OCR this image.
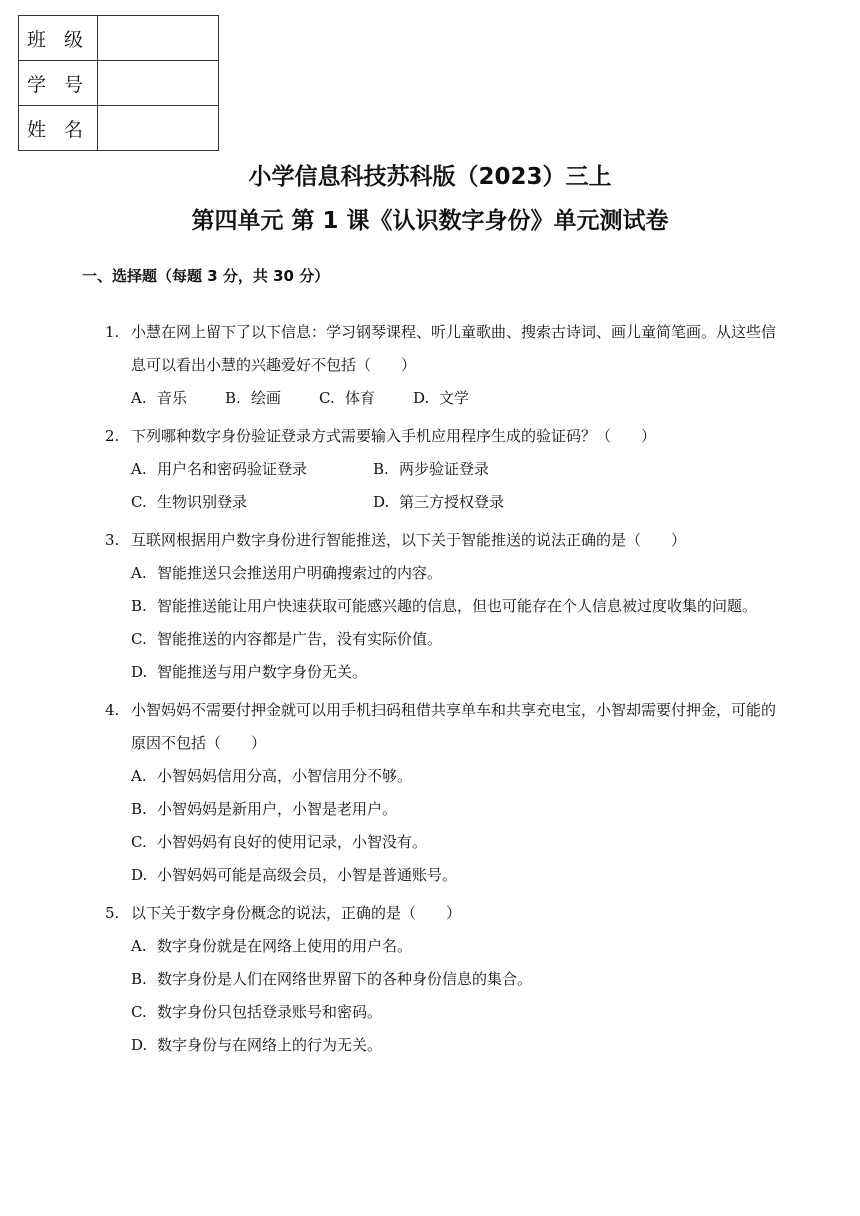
班 级	
学 号	
姓 名	
小学信息科技苏科版（2023）三上
第四单元 第 1 课《认识数字身份》单元测试卷
一、选择题（每题 3 分，共 30 分）
1. 小慧在网上留下了以下信息：学习钢琴课程、听儿童歌曲、搜索古诗词、画儿童简笔画。从这些信息可以看出小慧的兴趣爱好不包括（　　）
A. 音乐	B. 绘画	C. 体育	D. 文学
2. 下列哪种数字身份验证登录方式需要输入手机应用程序生成的验证码？（　　）
A. 用户名和密码验证登录	B. 两步验证登录
C. 生物识别登录	D. 第三方授权登录
3. 互联网根据用户数字身份进行智能推送，以下关于智能推送的说法正确的是（　　）
A. 智能推送只会推送用户明确搜索过的内容。
B. 智能推送能让用户快速获取可能感兴趣的信息，但也可能存在个人信息被过度收集的问题。
C. 智能推送的内容都是广告，没有实际价值。
D. 智能推送与用户数字身份无关。
4. 小智妈妈不需要付押金就可以用手机扫码租借共享单车和共享充电宝，小智却需要付押金，可能的原因不包括（　　）
A. 小智妈妈信用分高，小智信用分不够。
B. 小智妈妈是新用户，小智是老用户。
C. 小智妈妈有良好的使用记录，小智没有。
D. 小智妈妈可能是高级会员，小智是普通账号。
5. 以下关于数字身份概念的说法，正确的是（　　）
A. 数字身份就是在网络上使用的用户名。
B. 数字身份是人们在网络世界留下的各种身份信息的集合。
C. 数字身份只包括登录账号和密码。
D. 数字身份与在网络上的行为无关。
